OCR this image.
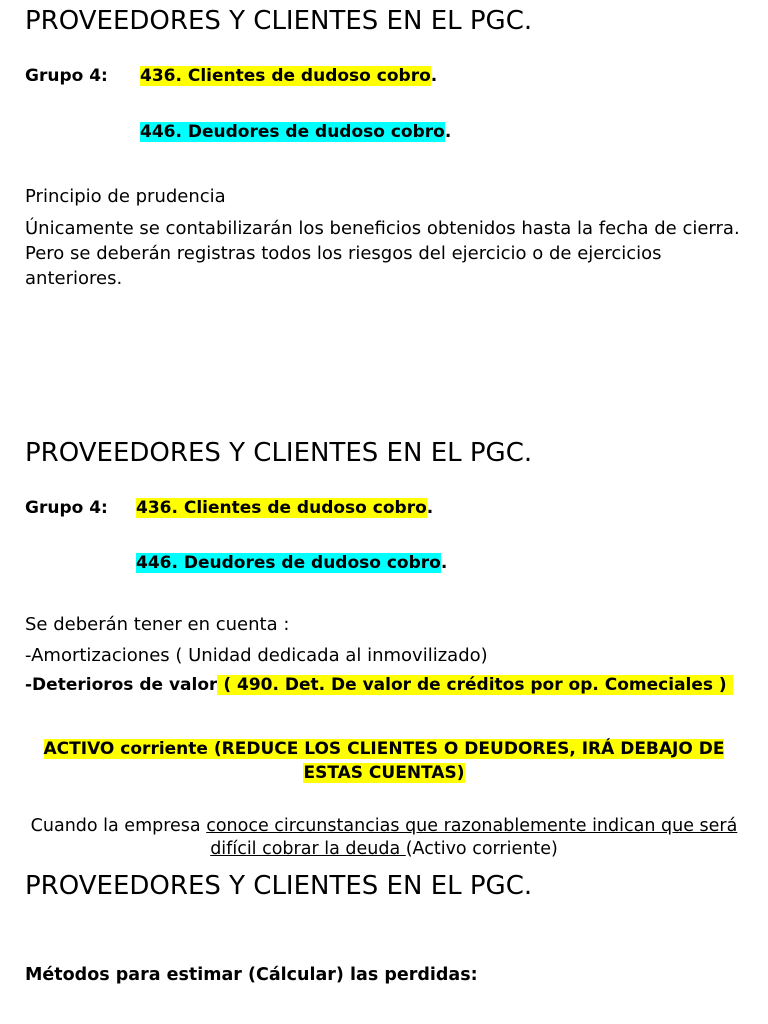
PROVEEDORES Y CLIENTES EN EL PGC.
Grupo 4: 436. Clientes de dudoso cobro.
446. Deudores de dudoso cobro.
Principio de prudencia
Únicamente se contabilizarán los beneficios obtenidos hasta la fecha de cierra. Pero se deberán registras todos los riesgos del ejercicio o de ejercicios anteriores.
PROVEEDORES Y CLIENTES EN EL PGC.
Grupo 4: 436. Clientes de dudoso cobro.
446. Deudores de dudoso cobro.
Se deberán tener en cuenta :
-Amortizaciones ( Unidad dedicada al inmovilizado)
-Deterioros de valor ( 490. Det. De valor de créditos por op. Comeciales )
ACTIVO corriente (REDUCE LOS CLIENTES O DEUDORES, IRÁ DEBAJO DE ESTAS CUENTAS)
Cuando la empresa conoce circunstancias que razonablemente indican que será difícil cobrar la deuda (Activo corriente)
PROVEEDORES Y CLIENTES EN EL PGC.
Métodos para estimar (Cálcular) las perdidas:
